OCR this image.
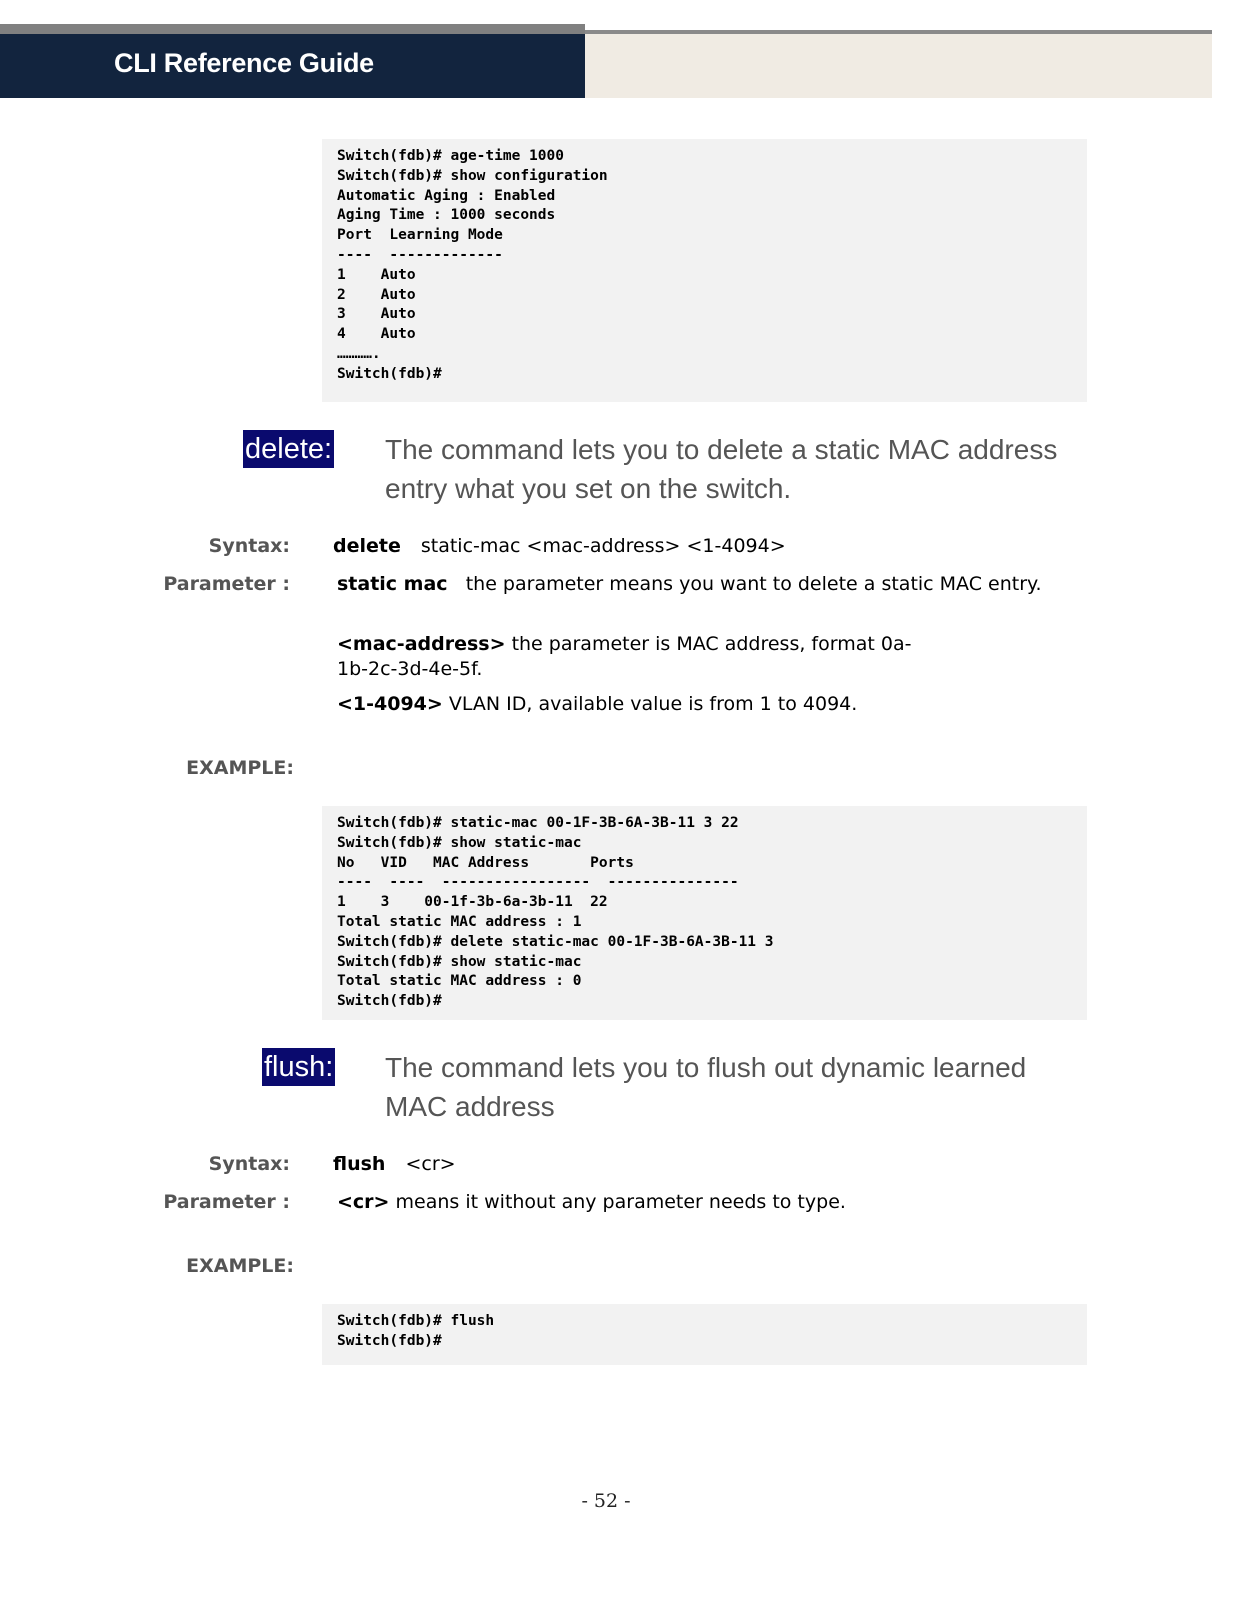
CLI Reference Guide
Switch(fdb)# age-time 1000
Switch(fdb)# show configuration
Automatic Aging : Enabled
Aging Time : 1000 seconds
Port  Learning Mode
----  -------------
1    Auto
2    Auto
3    Auto
4    Auto
………….
Switch(fdb)#
delete: The command lets you to delete a static MAC address entry what you set on the switch.
Syntax: delete static-mac <mac-address> <1-4094>
Parameter : static mac the parameter means you want to delete a static MAC entry.
<mac-address> the parameter is MAC address, format 0a-1b-2c-3d-4e-5f.
<1-4094> VLAN ID, available value is from 1 to 4094.
EXAMPLE:
Switch(fdb)# static-mac 00-1F-3B-6A-3B-11 3 22
Switch(fdb)# show static-mac
No   VID   MAC Address       Ports
----  ----  -----------------  ---------------
1    3    00-1f-3b-6a-3b-11  22
Total static MAC address : 1
Switch(fdb)# delete static-mac 00-1F-3B-6A-3B-11 3
Switch(fdb)# show static-mac
Total static MAC address : 0
Switch(fdb)#
flush: The command lets you to flush out dynamic learned MAC address
Syntax: flush <cr>
Parameter : <cr> means it without any parameter needs to type.
EXAMPLE:
Switch(fdb)# flush
Switch(fdb)#
- 52 -
